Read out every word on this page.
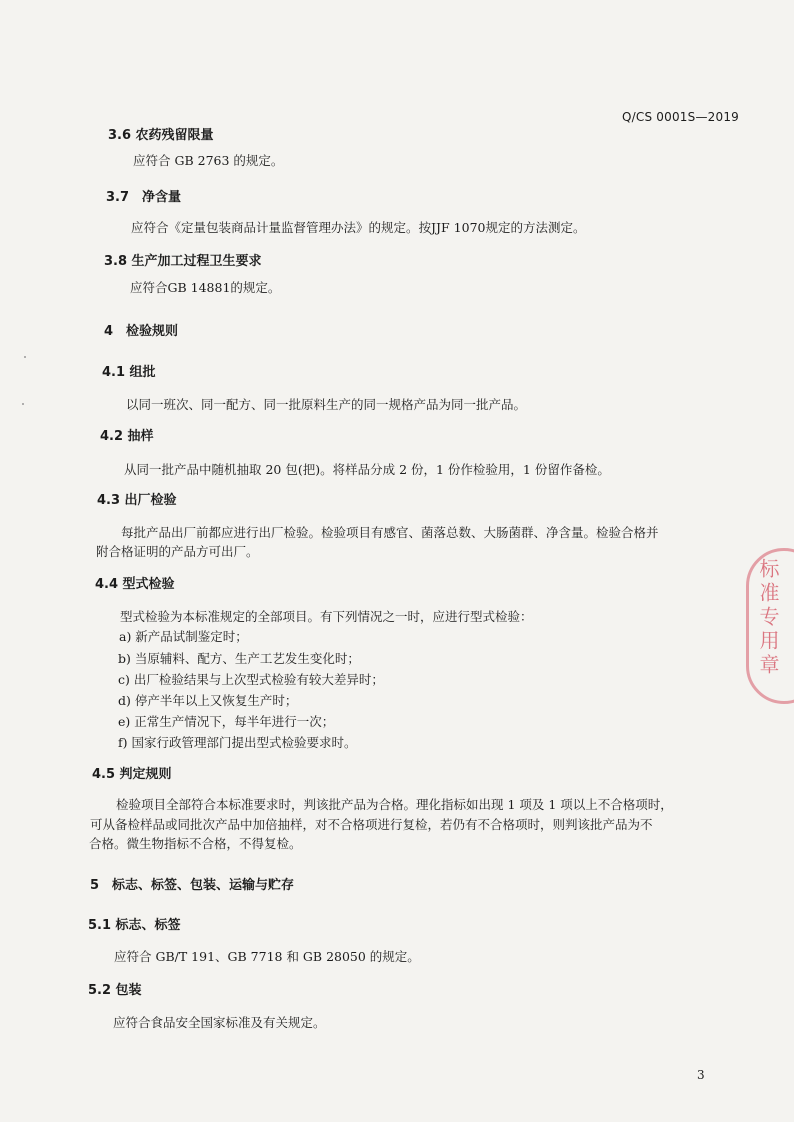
Q/CS 0001S—2019
3.6 农药残留限量
应符合 GB 2763 的规定。
3.7　净含量
应符合《定量包装商品计量监督管理办法》的规定。按JJF 1070规定的方法测定。
3.8 生产加工过程卫生要求
应符合GB 14881的规定。
4　检验规则
4.1 组批
以同一班次、同一配方、同一批原料生产的同一规格产品为同一批产品。
4.2 抽样
从同一批产品中随机抽取 20 包(把)。将样品分成 2 份，1 份作检验用，1 份留作备检。
4.3 出厂检验
每批产品出厂前都应进行出厂检验。检验项目有感官、菌落总数、大肠菌群、净含量。检验合格并
附合格证明的产品方可出厂。
4.4 型式检验
型式检验为本标准规定的全部项目。有下列情况之一时，应进行型式检验：
a) 新产品试制鉴定时；
b) 当原辅料、配方、生产工艺发生变化时；
c) 出厂检验结果与上次型式检验有较大差异时；
d) 停产半年以上又恢复生产时；
e) 正常生产情况下，每半年进行一次；
f) 国家行政管理部门提出型式检验要求时。
4.5 判定规则
检验项目全部符合本标准要求时，判该批产品为合格。理化指标如出现 1 项及 1 项以上不合格项时，
可从备检样品或同批次产品中加倍抽样，对不合格项进行复检，若仍有不合格项时，则判该批产品为不
合格。微生物指标不合格，不得复检。
5　标志、标签、包装、运输与贮存
5.1 标志、标签
应符合 GB/T 191、GB 7718 和 GB 28050 的规定。
5.2 包装
应符合食品安全国家标准及有关规定。
3
标准专用章
